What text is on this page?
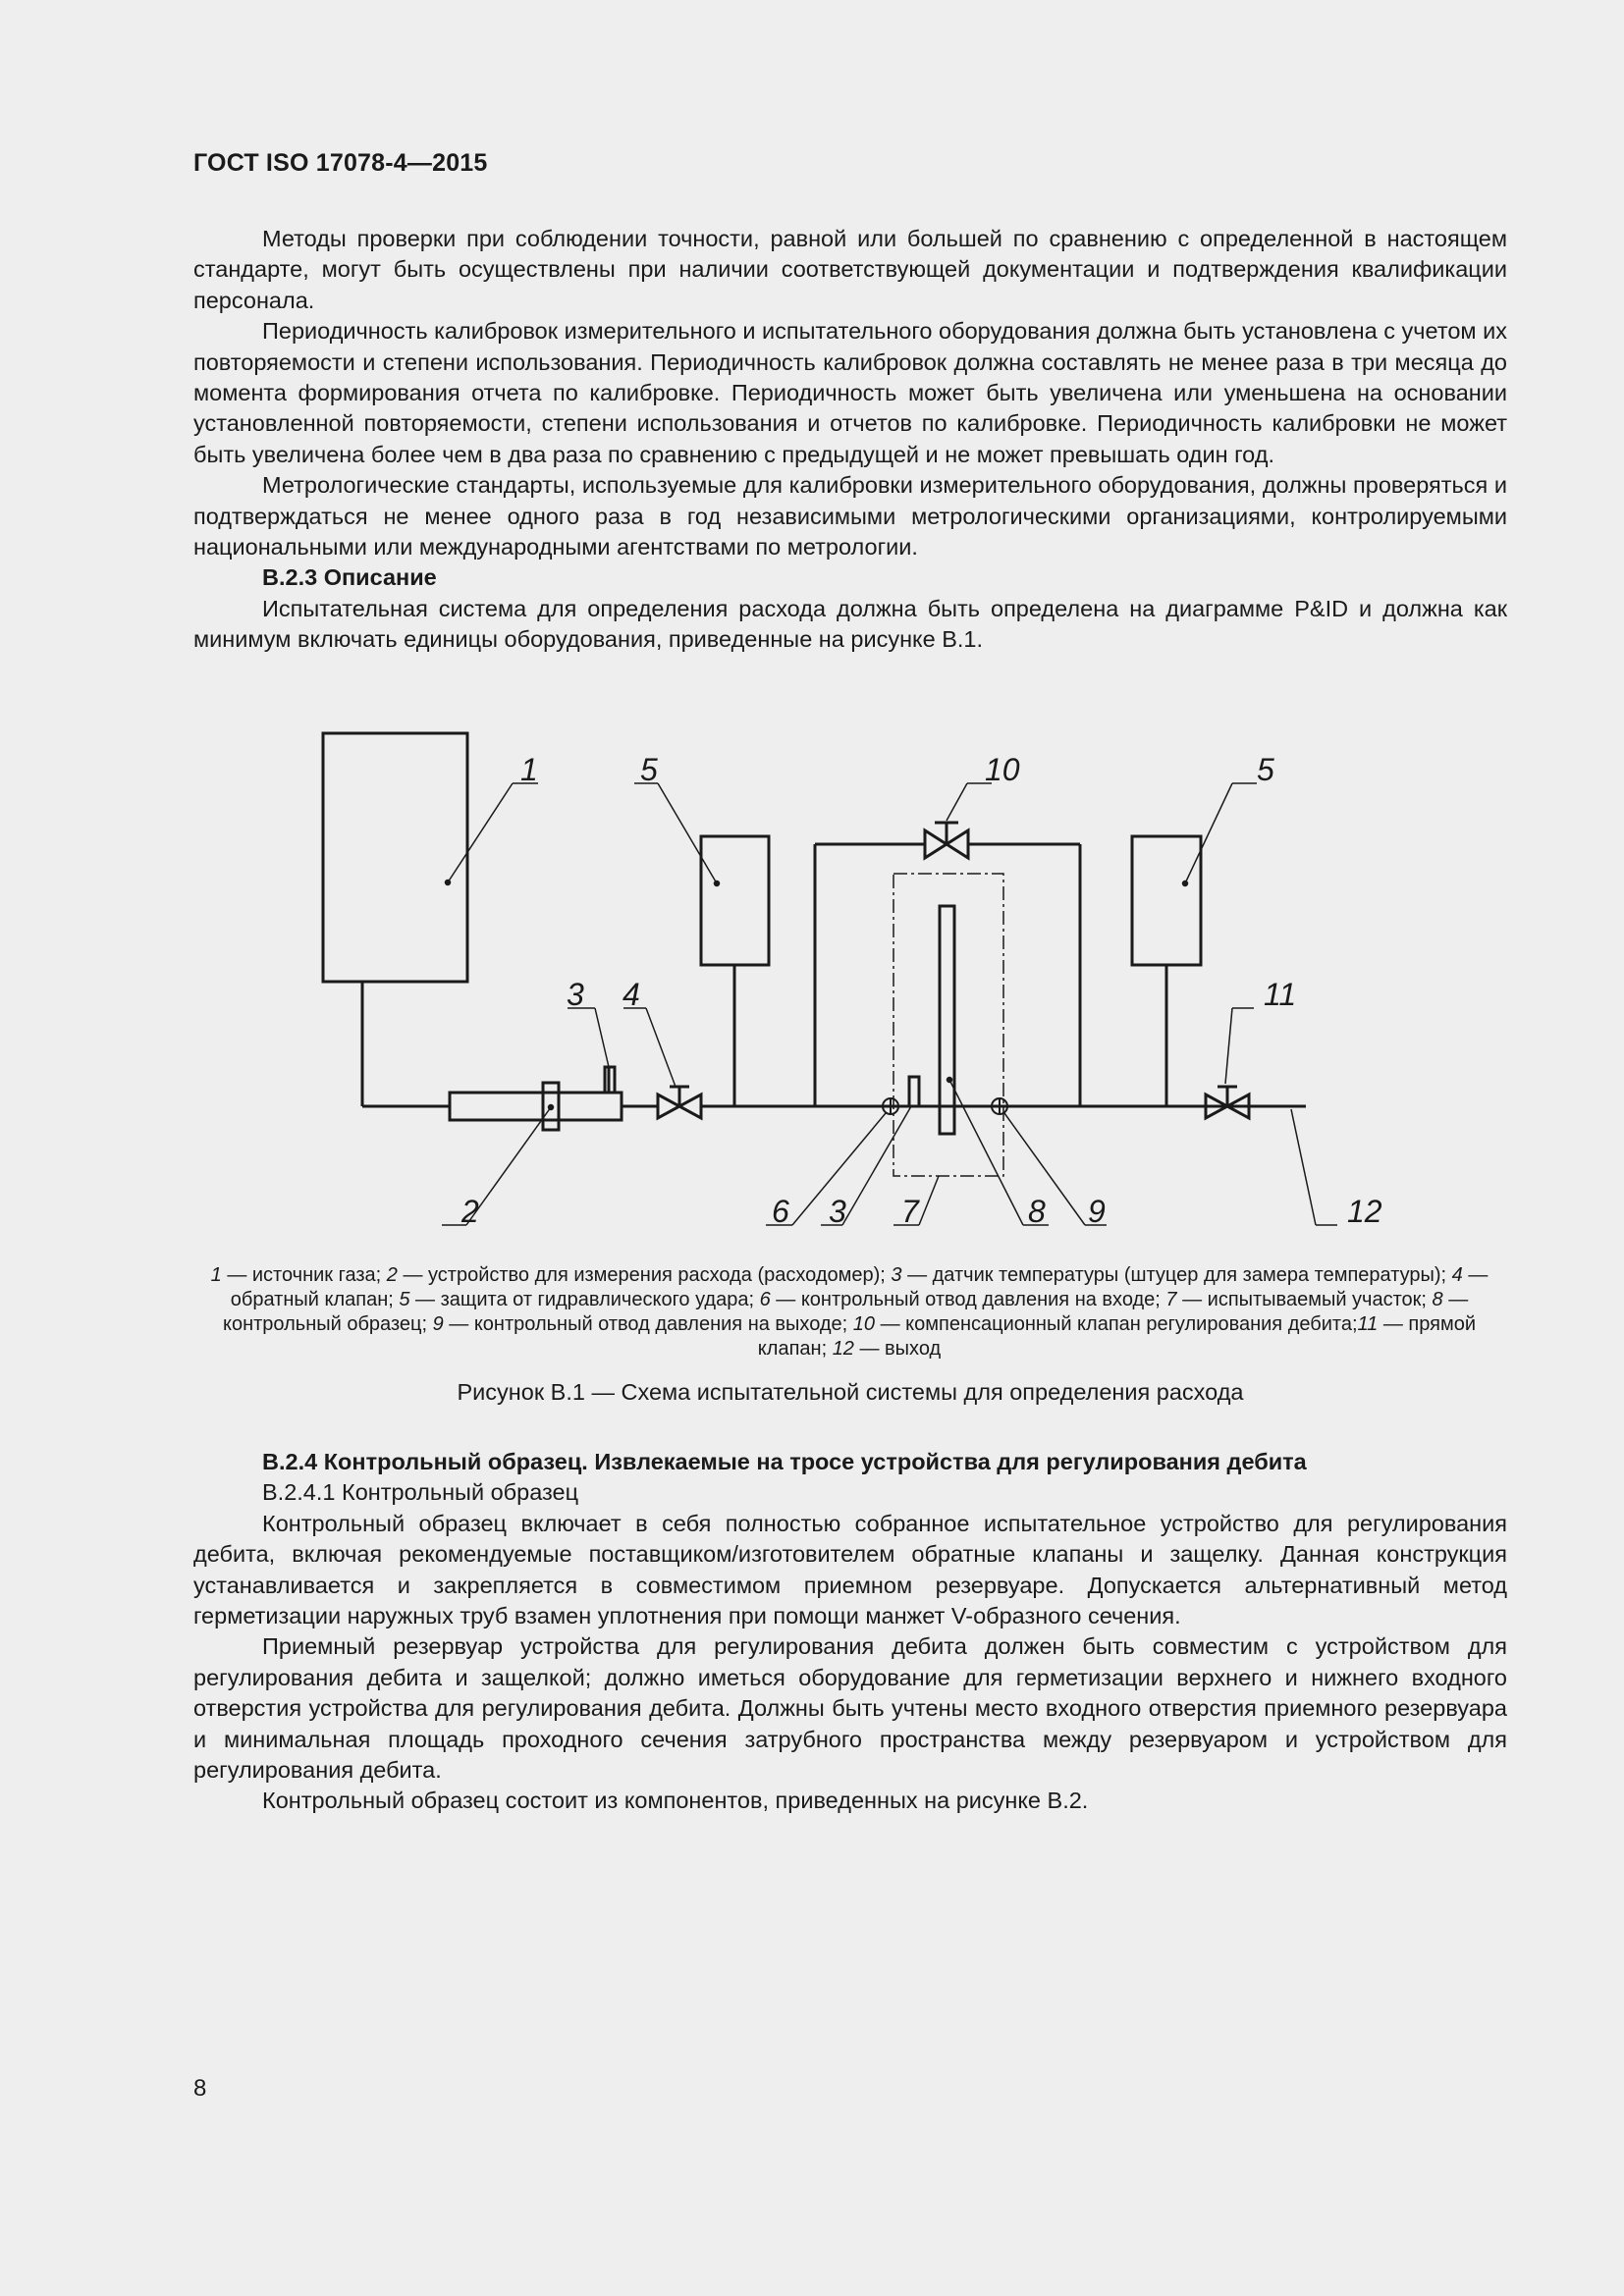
ГОСТ ISO 17078-4—2015

Методы проверки при соблюдении точности, равной или большей по сравнению с определенной в настоящем стандарте, могут быть осуществлены при наличии соответствующей документации и подтверждения квалификации персонала.

Периодичность калибровок измерительного и испытательного оборудования должна быть установлена с учетом их повторяемости и степени использования. Периодичность калибровок должна составлять не менее раза в три месяца до момента формирования отчета по калибровке. Периодичность может быть увеличена или уменьшена на основании установленной повторяемости, степени использования и отчетов по калибровке. Периодичность калибровки не может быть увеличена более чем в два раза по сравнению с предыдущей и не может превышать один год.

Метрологические стандарты, используемые для калибровки измерительного оборудования, должны проверяться и подтверждаться не менее одного раза в год независимыми метрологическими организациями, контролируемыми национальными или международными агентствами по метрологии.

B.2.3 Описание

Испытательная система для определения расхода должна быть определена на диаграмме P&ID и должна как минимум включать единицы оборудования, приведенные на рисунке B.1.

1
2
3 4
5	5
6 3 7	8 9
10
11
12
1 — источник газа; 2 — устройство для измерения расхода (расходомер); 3 — датчик температуры (штуцер для замера температуры); 4 — обратный клапан; 5 — защита от гидравлического удара; 6 — контрольный отвод давления на входе; 7 — испытываемый участок; 8 — контрольный образец; 9 — контрольный отвод давления на выходе; 10 — компенсационный клапан регулирования дебита;11 — прямой клапан; 12 — выход
Рисунок B.1 — Схема испытательной системы для определения расхода

B.2.4 Контрольный образец. Извлекаемые на тросе устройства для регулирования дебита

B.2.4.1 Контрольный образец

Контрольный образец включает в себя полностью собранное испытательное устройство для регулирования дебита, включая рекомендуемые поставщиком/изготовителем обратные клапаны и защелку. Данная конструкция устанавливается и закрепляется в совместимом приемном резервуаре. Допускается альтернативный метод герметизации наружных труб взамен уплотнения при помощи манжет V-образного сечения.

Приемный резервуар устройства для регулирования дебита должен быть совместим с устройством для регулирования дебита и защелкой; должно иметься оборудование для герметизации верхнего и нижнего входного отверстия устройства для регулирования дебита. Должны быть учтены место входного отверстия приемного резервуара и минимальная площадь проходного сечения затрубного пространства между резервуаром и устройством для регулирования дебита.

Контрольный образец состоит из компонентов, приведенных на рисунке B.2.

8
